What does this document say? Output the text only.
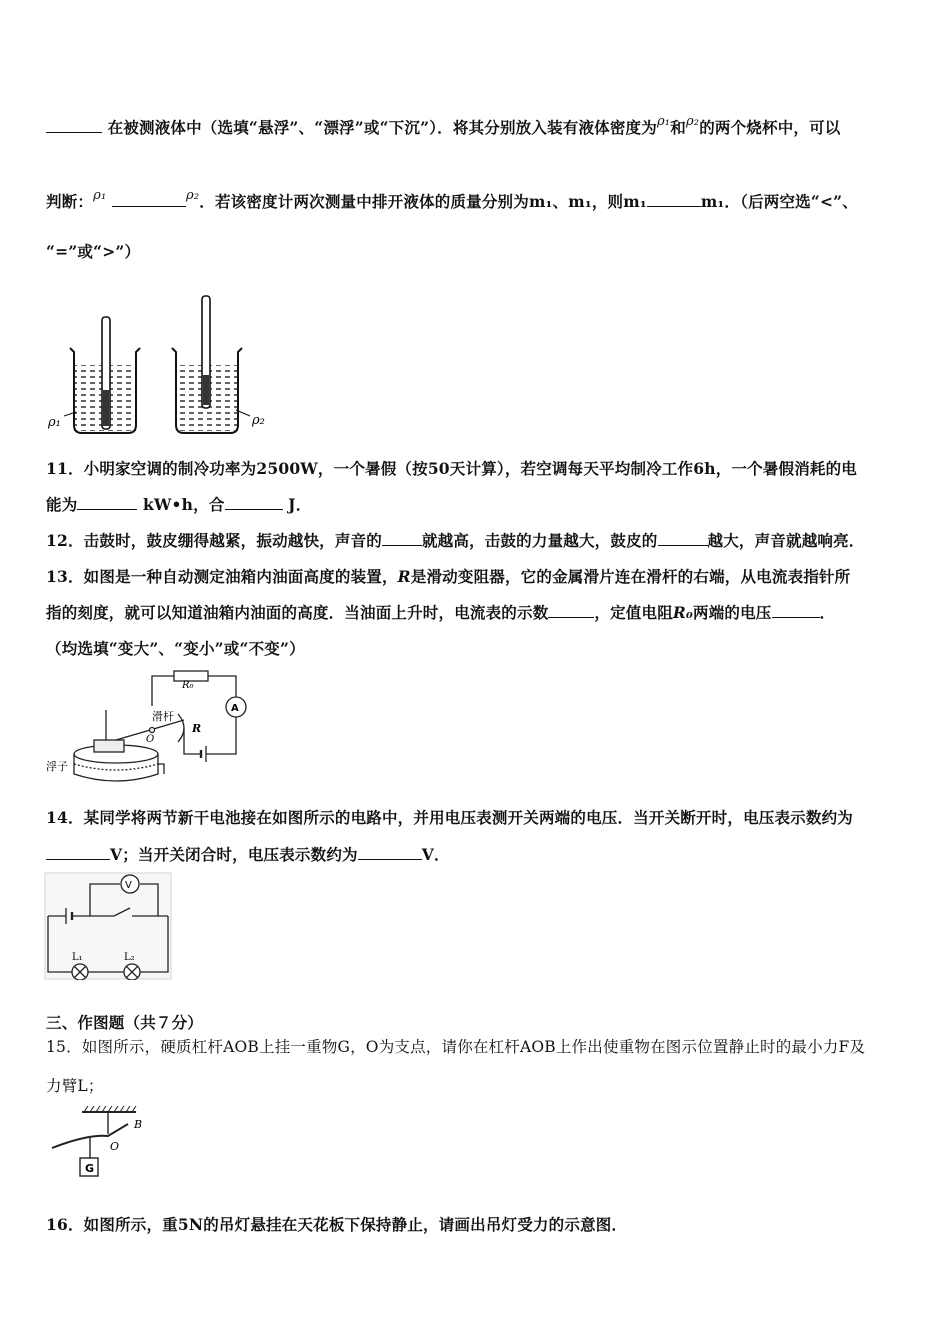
在被测液体中（选填“悬浮”、“漂浮”或“下沉”）．将其分别放入装有液体密度为$^{\rho_1}$和$^{\rho_2}$的两个烧杯中，可以
判断：$^{\rho_1}$	$^{\rho_2}$．若该密度计两次测量中排开液体的质量分别为m₁、m₁，则m₁	m₁．（后两空选“<”、
“=”或“>”）
ρ₁	ρ₂
11．小明家空调的制冷功率为2500W，一个暑假（按50天计算），若空调每天平均制冷工作6h，一个暑假消耗的电
能为	kW•h，合	J．
12．击鼓时，鼓皮绷得越紧，振动越快，声音的	就越高，击鼓的力量越大，鼓皮的	越大，声音就越响亮．
13．如图是一种自动测定油箱内油面高度的装置，R是滑动变阻器，它的金属滑片连在滑杆的右端，从电流表指针所
指的刻度，就可以知道油箱内油面的高度．当油面上升时，电流表的示数	，定值电阻R₀两端的电压	．
（均选填“变大”、“变小”或“不变”）
R₀
A
滑杆
O
R
浮子
14．某同学将两节新干电池接在如图所示的电路中，并用电压表测开关两端的电压．当开关断开时，电压表示数约为
V；当开关闭合时，电压表示数约为	V．
V
L₁	L₂
三、作图题（共７分）
15．如图所示，硬质杠杆AOB上挂一重物G，O为支点，请你在杠杆AOB上作出使重物在图示位置静止时的最小力F及
力臂L；
B
O
G
16．如图所示，重5N的吊灯悬挂在天花板下保持静止，请画出吊灯受力的示意图．
